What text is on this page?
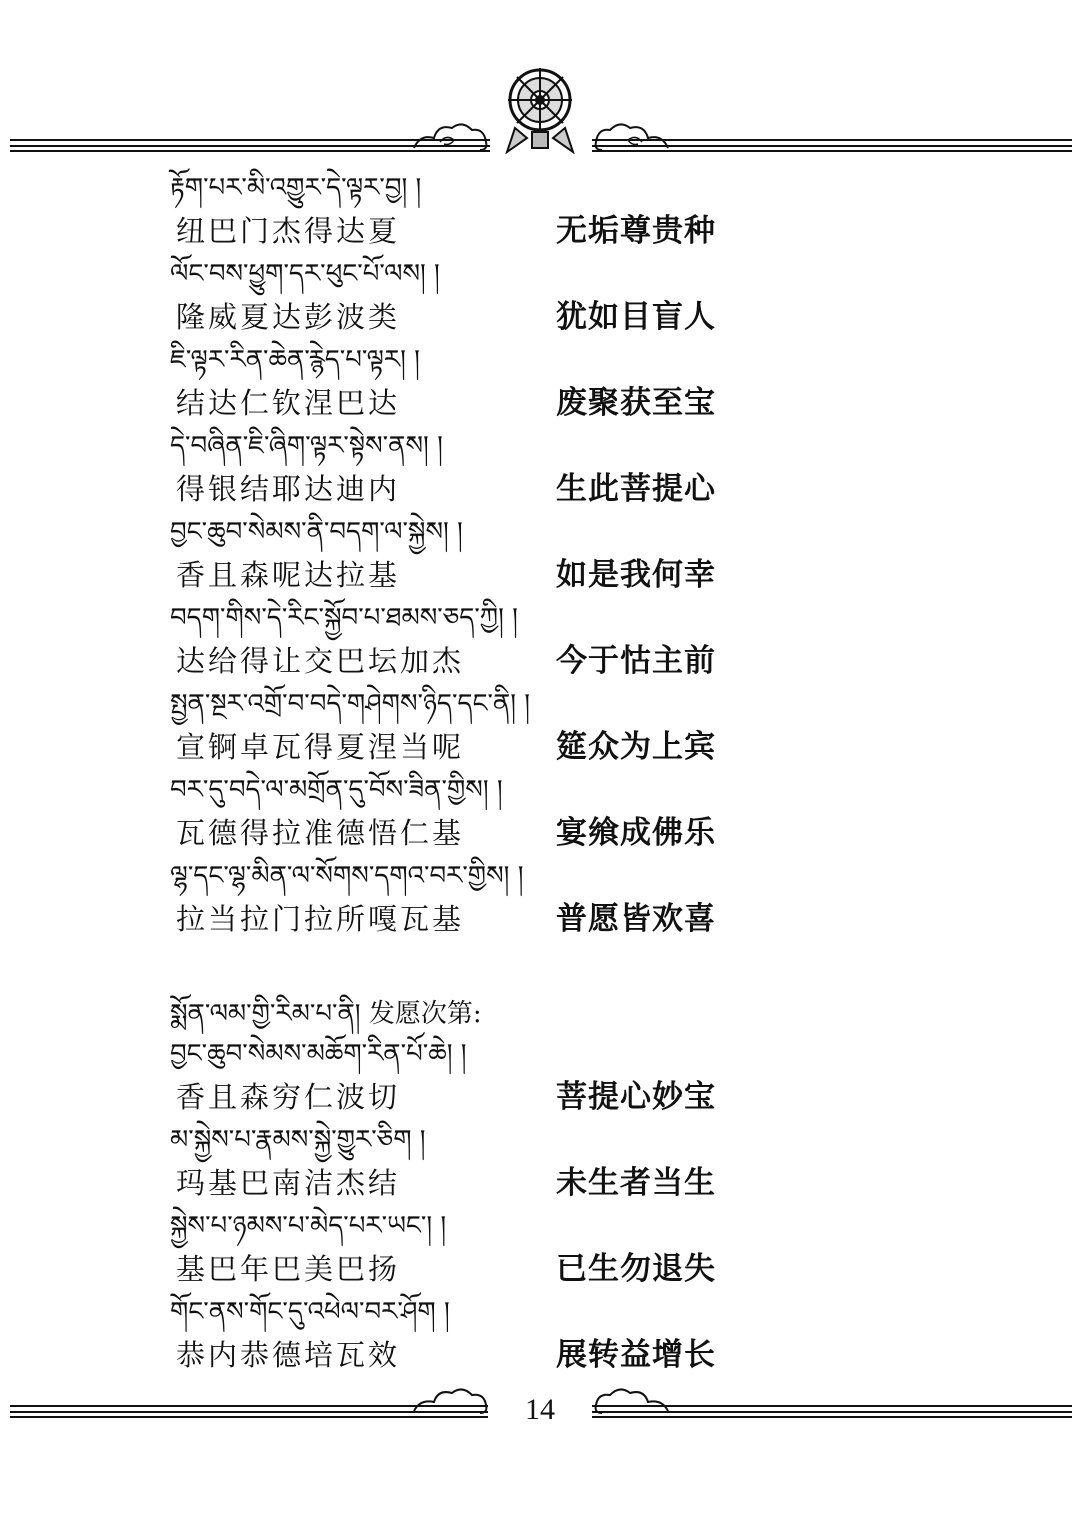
རྟོག་པར་མི་འགྱུར་དེ་ལྟར་བྱ། །
纽巴门杰得达夏	无垢尊贵种
ལོང་བས་ཕྱུག་དར་ཕུང་པོ་ལས། །
隆威夏达彭波类	犹如目盲人
ཇི་ལྟར་རིན་ཆེན་རྙེད་པ་ལྟར། །
结达仁钦涅巴达	废聚获至宝
དེ་བཞིན་ཇི་ཞིག་ལྟར་སྟེས་ནས། །
得银结耶达迪内	生此菩提心
བྱང་ཆུབ་སེམས་ནི་བདག་ལ་སྐྱེས། །
香且森呢达拉基	如是我何幸
བདག་གིས་དེ་རིང་སྐྱོབ་པ་ཐམས་ཅད་ཀྱི། །
达给得让交巴坛加杰	今于怙主前
སྤྱན་སྔར་འགྲོ་བ་བདེ་གཤེགས་ཉིད་དང་ནི། །
宣锕卓瓦得夏涅当呢	筵众为上宾
བར་དུ་བདེ་ལ་མགྲོན་དུ་བོས་ཟིན་གྱིས། །
瓦德得拉准德悟仁基	宴飨成佛乐
ལྷ་དང་ལྷ་མིན་ལ་སོགས་དགའ་བར་གྱིས། །
拉当拉门拉所嘎瓦基	普愿皆欢喜
སྨོན་ལམ་གྱི་རིམ་པ་ནི། 发愿次第:
བྱང་ཆུབ་སེམས་མཆོག་རིན་པོ་ཆེ། །
香且森穷仁波切	菩提心妙宝
མ་སྐྱེས་པ་རྣམས་སྐྱེ་གྱུར་ཅིག །
玛基巴南洁杰结	未生者当生
སྐྱེས་པ་ཉམས་པ་མེད་པར་ཡང་། །
基巴年巴美巴扬	已生勿退失
གོང་ནས་གོང་དུ་འཕེལ་བར་ཤོག །
恭内恭德培瓦效	展转益增长
14
